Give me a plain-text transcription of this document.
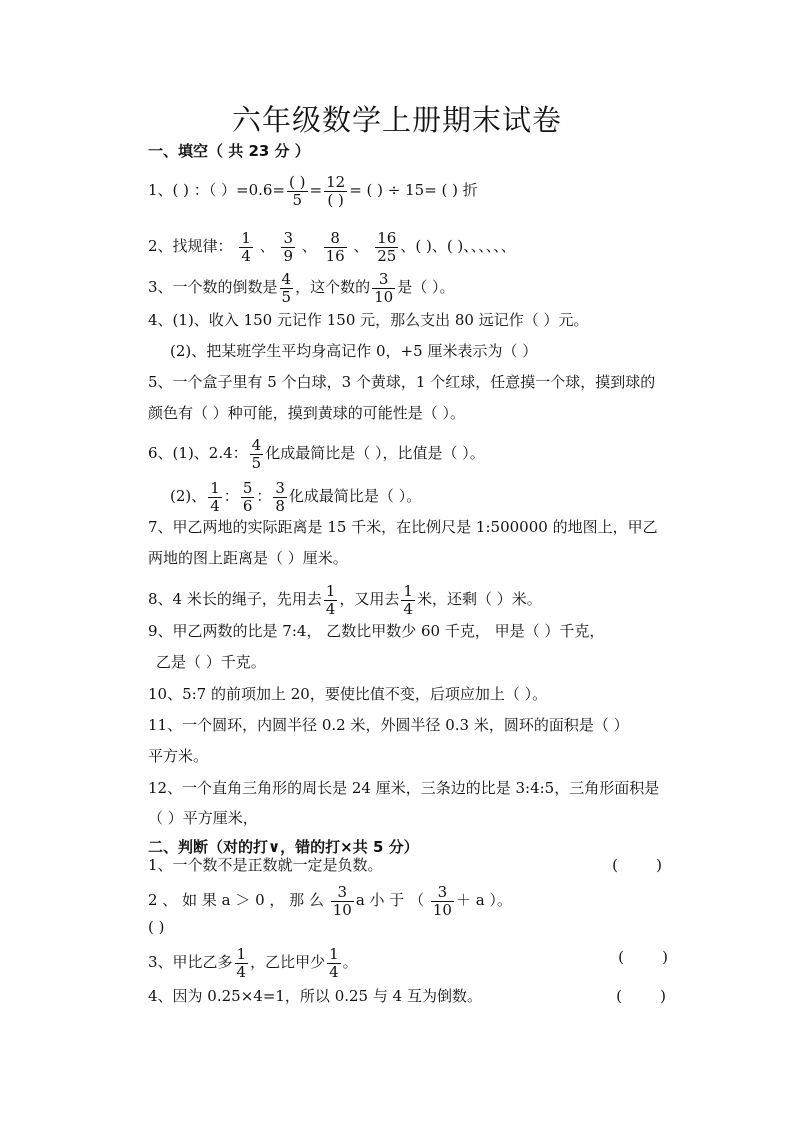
六年级数学上册期末试卷
一、填空（ 共 23 分 ）
1、( ) ：（ ）$=0.6= \frac{( )}{5} = \frac{12}{( )}$ = ( ) ÷ 15= ( ) 折
2、找规律： $\frac{1}{4}$ 、 $\frac{3}{9}$ 、 $\frac{8}{16}$ 、 $\frac{16}{25}$ 、( )、( )、、、、、、
3、一个数的倒数是 $\frac{4}{5}$ ，这个数的 $\frac{3}{10}$ 是（ ）。
4、(1)、收入 150 元记作 150 元，那么支出 80 远记作（ ）元。
(2)、把某班学生平均身高记作 0，+5 厘米表示为（ ）
5、一个盒子里有 5 个白球，3 个黄球，1 个红球，任意摸一个球，摸到球的
颜色有（ ）种可能，摸到黄球的可能性是（ ）。
6、(1)、2.4： $\frac{4}{5}$ 化成最简比是（ ），比值是（ ）。
(2)、 $\frac{1}{4}$ ： $\frac{5}{6}$ ： $\frac{3}{8}$ 化成最简比是（ ）。
7、甲乙两地的实际距离是 15 千米，在比例尺是 1:500000 的地图上，甲乙
两地的图上距离是（ ）厘米。
8、4 米长的绳子，先用去 $\frac{1}{4}$ ，又用去 $\frac{1}{4}$ 米，还剩（ ）米。
9、甲乙两数的比是 7:4， 乙数比甲数少 60 千克， 甲是（ ）千克，
乙是（ ）千克。
10、5:7 的前项加上 20，要使比值不变，后项应加上（ ）。
11、一个圆环，内圆半径 0.2 米，外圆半径 0.3 米，圆环的面积是（ ）
平方米。
12、一个直角三角形的周长是 24 厘米，三条边的比是 3:4:5，三角形面积是
（ ）平方厘米，
二、判断（对的打∨，错的打×共 5 分）
1、一个数不是正数就一定是负数。	(        )
2 、 如 果 a ＞ 0 ， 那 么 $\frac{3}{10}$ a 小 于 （ $\frac{3}{10} + a$ ）。
( )
3、甲比乙多 $\frac{1}{4}$ ，乙比甲少 $\frac{1}{4}$ 。	(        )
4、因为 0.25×4=1，所以 0.25 与 4 互为倒数。	(        )
